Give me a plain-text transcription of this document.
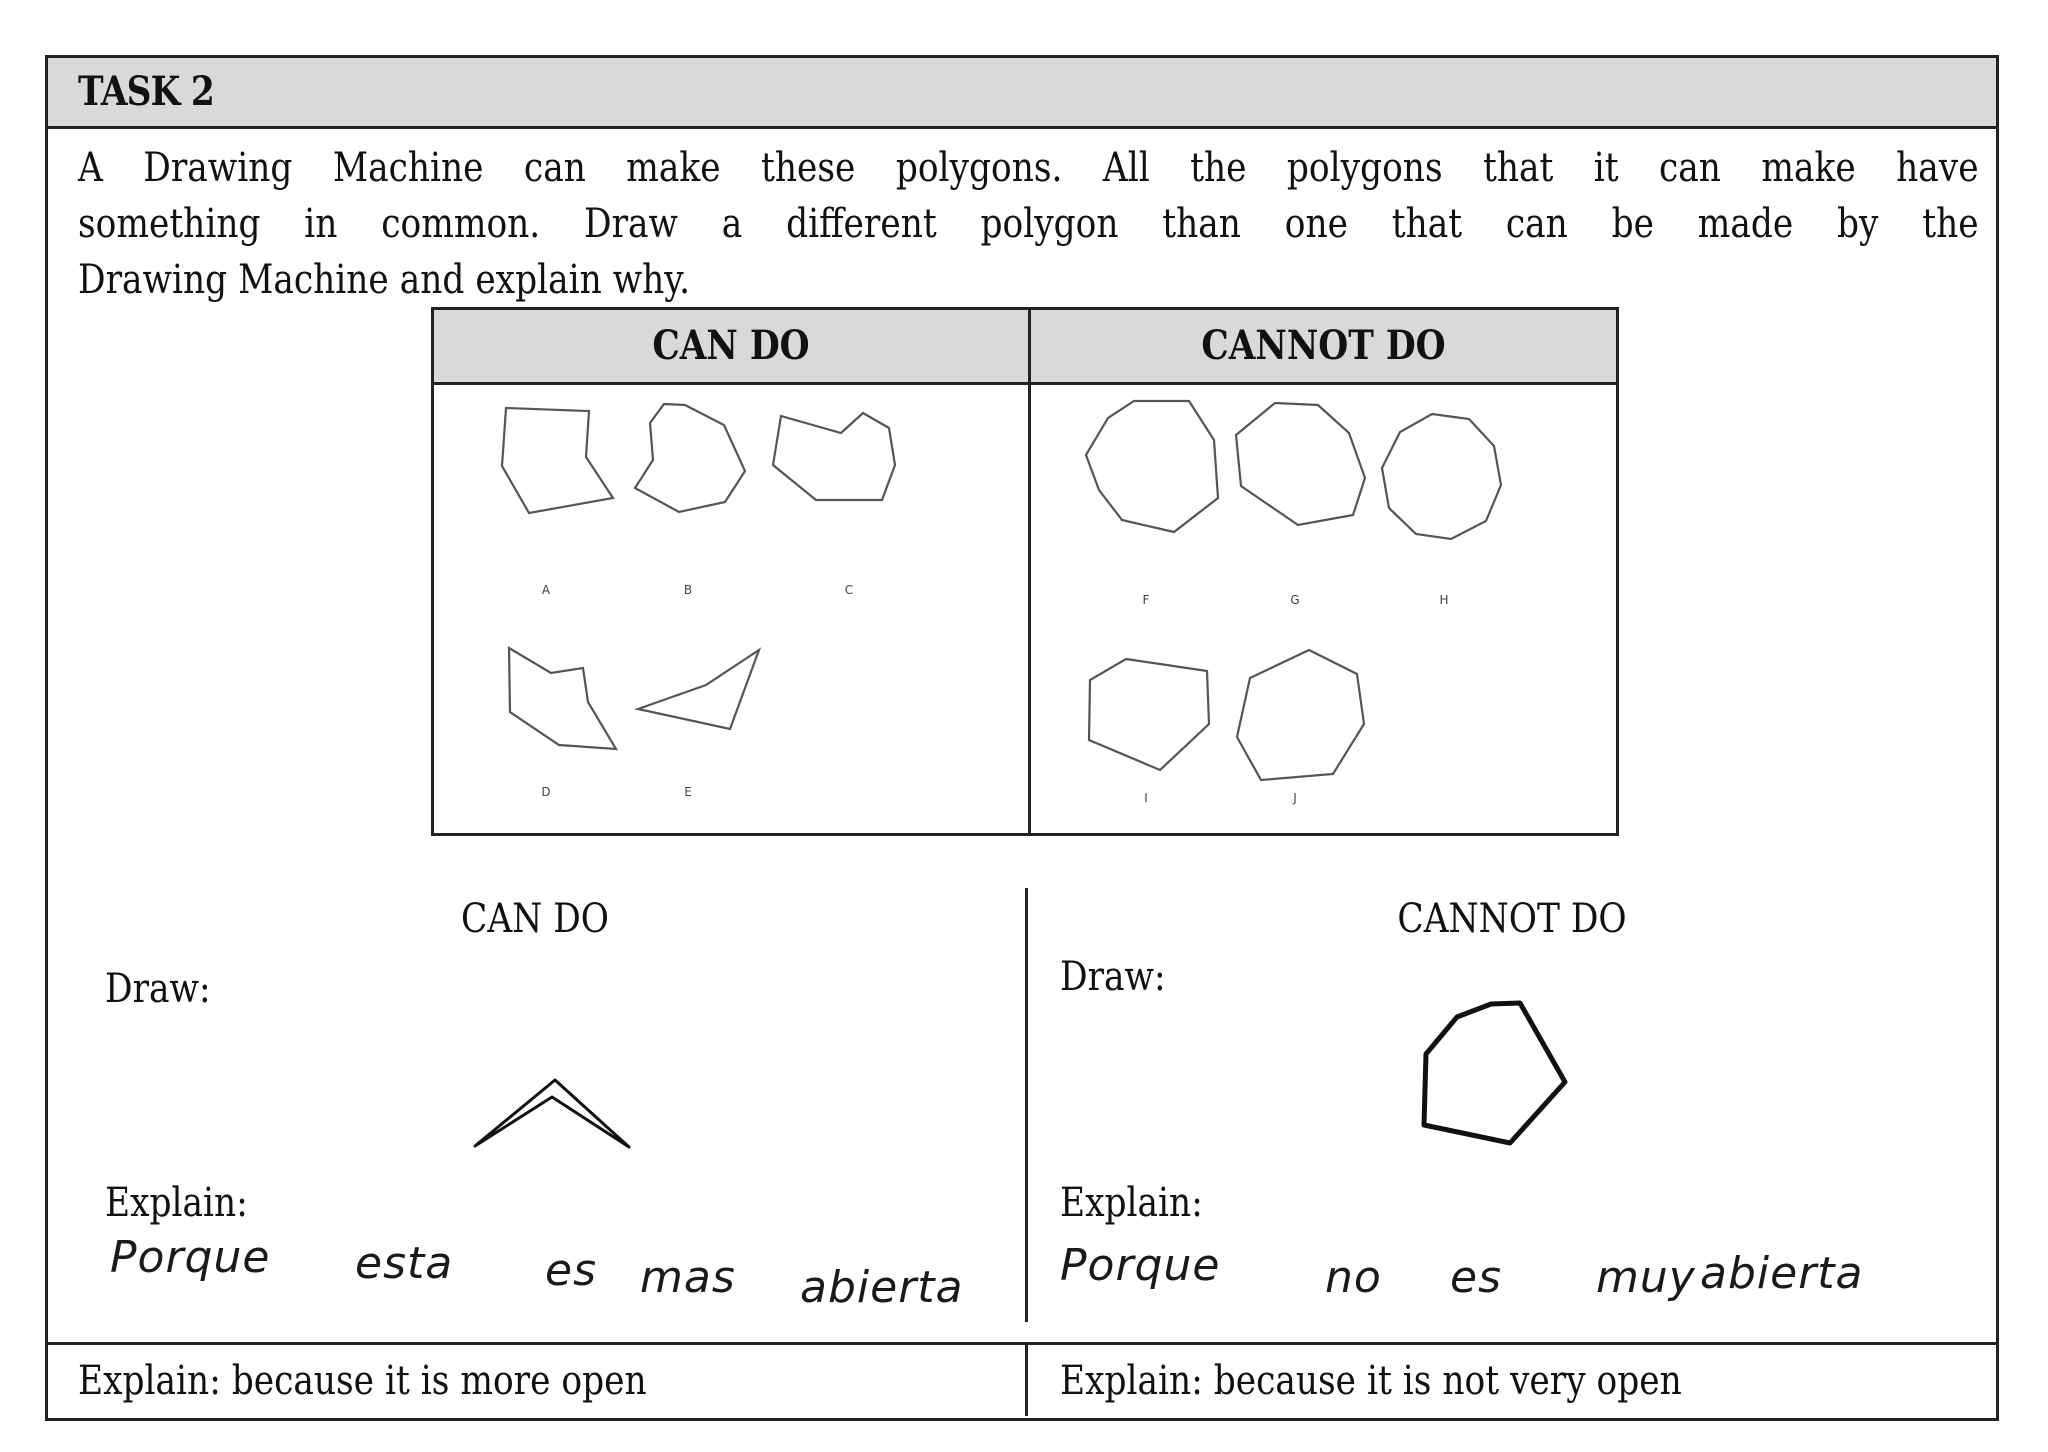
TASK 2
A Drawing Machine can make these polygons. All the polygons that it can make have
something in common. Draw a different polygon than one that can be made by the
Drawing Machine and explain why.
CAN DO	CANNOT DO
A	B	C
D	E
F	G	H
I	J
CAN DO	CANNOT DO
Draw:	Draw:
Explain:	Explain:
Porque esta es mas abierta Porque no es muy abierta
Explain: because it is more open	Explain: because it is not very open
